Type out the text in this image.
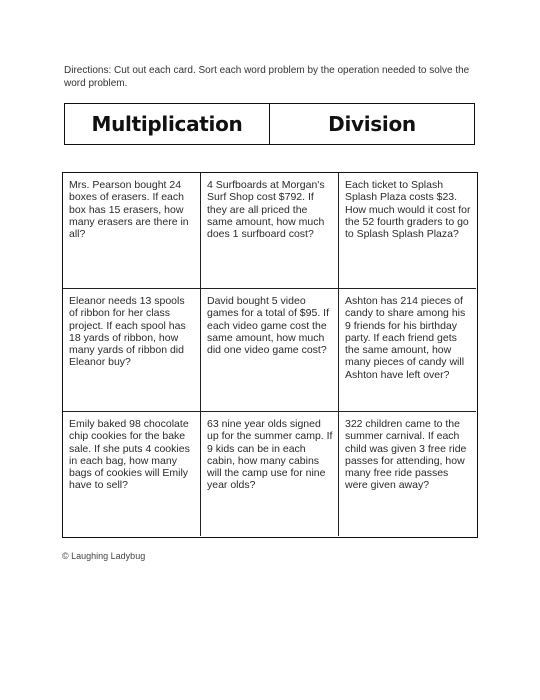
Directions: Cut out each card. Sort each word problem by the operation needed to solve the word problem.
Multiplication	Division
Mrs. Pearson bought 24 boxes of erasers. If each box has 15 erasers, how many erasers are there in all?
4 Surfboards at Morgan's Surf Shop cost $792. If they are all priced the same amount, how much does 1 surfboard cost?
Each ticket to Splash Splash Plaza costs $23. How much would it cost for the 52 fourth graders to go to Splash Splash Plaza?
Eleanor needs 13 spools of ribbon for her class project. If each spool has 18 yards of ribbon, how many yards of ribbon did Eleanor buy?
David bought 5 video games for a total of $95. If each video game cost the same amount, how much did one video game cost?
Ashton has 214 pieces of candy to share among his 9 friends for his birthday party. If each friend gets the same amount, how many pieces of candy will Ashton have left over?
Emily baked 98 chocolate chip cookies for the bake sale. If she puts 4 cookies in each bag, how many bags of cookies will Emily have to sell?
63 nine year olds signed up for the summer camp. If 9 kids can be in each cabin, how many cabins will the camp use for nine year olds?
322 children came to the summer carnival. If each child was given 3 free ride passes for attending, how many free ride passes were given away?
© Laughing Ladybug
